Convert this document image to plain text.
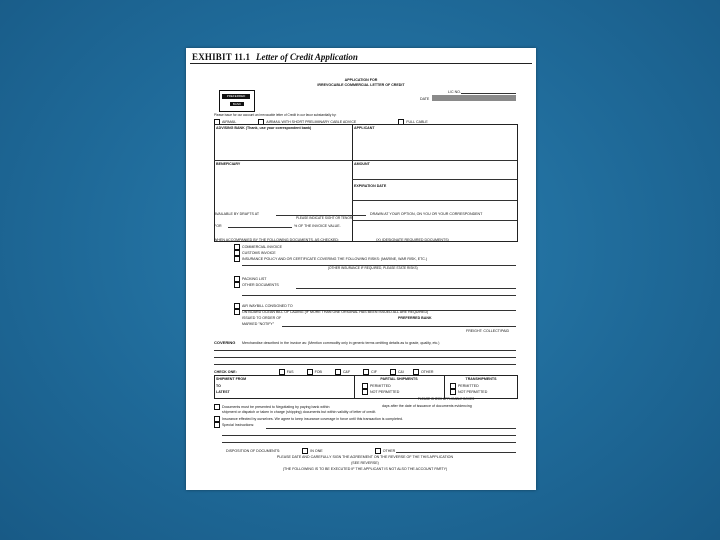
EXHIBIT 11.1 Letter of Credit Application
APPLICATION FOR
IRREVOCABLE COMMERCIAL LETTER OF CREDIT
L/C NO.
DATE
PREFERRED
BANK
Please issue for our account an irrevocable letter of Credit in our favor substantially by:
AIRMAIL	AIRMAIL WITH SHORT PRELIMINARY CABLE ADVICE	FULL CABLE
ADVISING BANK (Thank, use your correspondent bank)	APPLICANT
BENEFICIARY	AMOUNT
EXPIRATION DATE
AVAILABLE BY DRAFTS AT
PLEASE INDICATE SIGHT OR TENOR
DRAWN AT YOUR OPTION, ON YOU OR YOUR CORRESPONDENT
FOR	% OF THE INVOICE VALUE.
WHEN ACCOMPANIED BY THE FOLLOWING DOCUMENTS, AS CHECKED:	(X) (DESIGNATE REQUIRED DOCUMENTS)
COMMERCIAL INVOICE
CUSTOMS INVOICE
INSURANCE POLICY AND OR CERTIFICATE COVERING THE FOLLOWING RISKS: (MARINE, WAR RISK, ETC.)
(OTHER INSURANCE IF REQUIRED, PLEASE STATE RISKS)
PACKING LIST
OTHER DOCUMENTS
AIR WAYBILL CONSIGNED TO
ON BOARD OCEAN BILL OF LADING (IF MORE THAN ONE ORIGINAL HAS BEEN ISSUED ALL ARE REQUIRED)
ISSUED TO ORDER OF	PREFERRED BANK
MARKED "NOTIFY"
FREIGHT: COLLECT/PAID
COVERING Merchandise described in the invoice as: (Mention commodity only in generic terms omitting details as to grade, quality, etc.)
CHECK ONE:	FAS	FOB	C&F	CIF	C&I	OTHER
SHIPMENT FROM
TO
LATEST
PARTIAL SHIPMENTS
PERMITTED
NOT PERMITTED
TRANSHIPMENTS
PERMITTED
NOT PERMITTED
PLEASE CHECK APPLICABLE BOXES
Documents must be presented to Negotiating by paying bank within	days after the date of issuance of documents evidencing
shipment or dispatch or taken in charge (shipping) documents but within validity of letter of credit.
Insurance effected by ourselves. We agree to keep insurance coverage in force until this transaction is completed.
Special Instructions:
DISPOSITION OF DOCUMENTS:	IN ONE	OTHER
PLEASE DATE AND CAREFULLY SIGN THE AGREEMENT ON THE REVERSE OF THE THIS APPLICATION
(SEE REVERSE)
(THE FOLLOWING IS TO BE EXECUTED IF THE APPLICANT IS NOT ALSO THE ACCOUNT PARTY)
